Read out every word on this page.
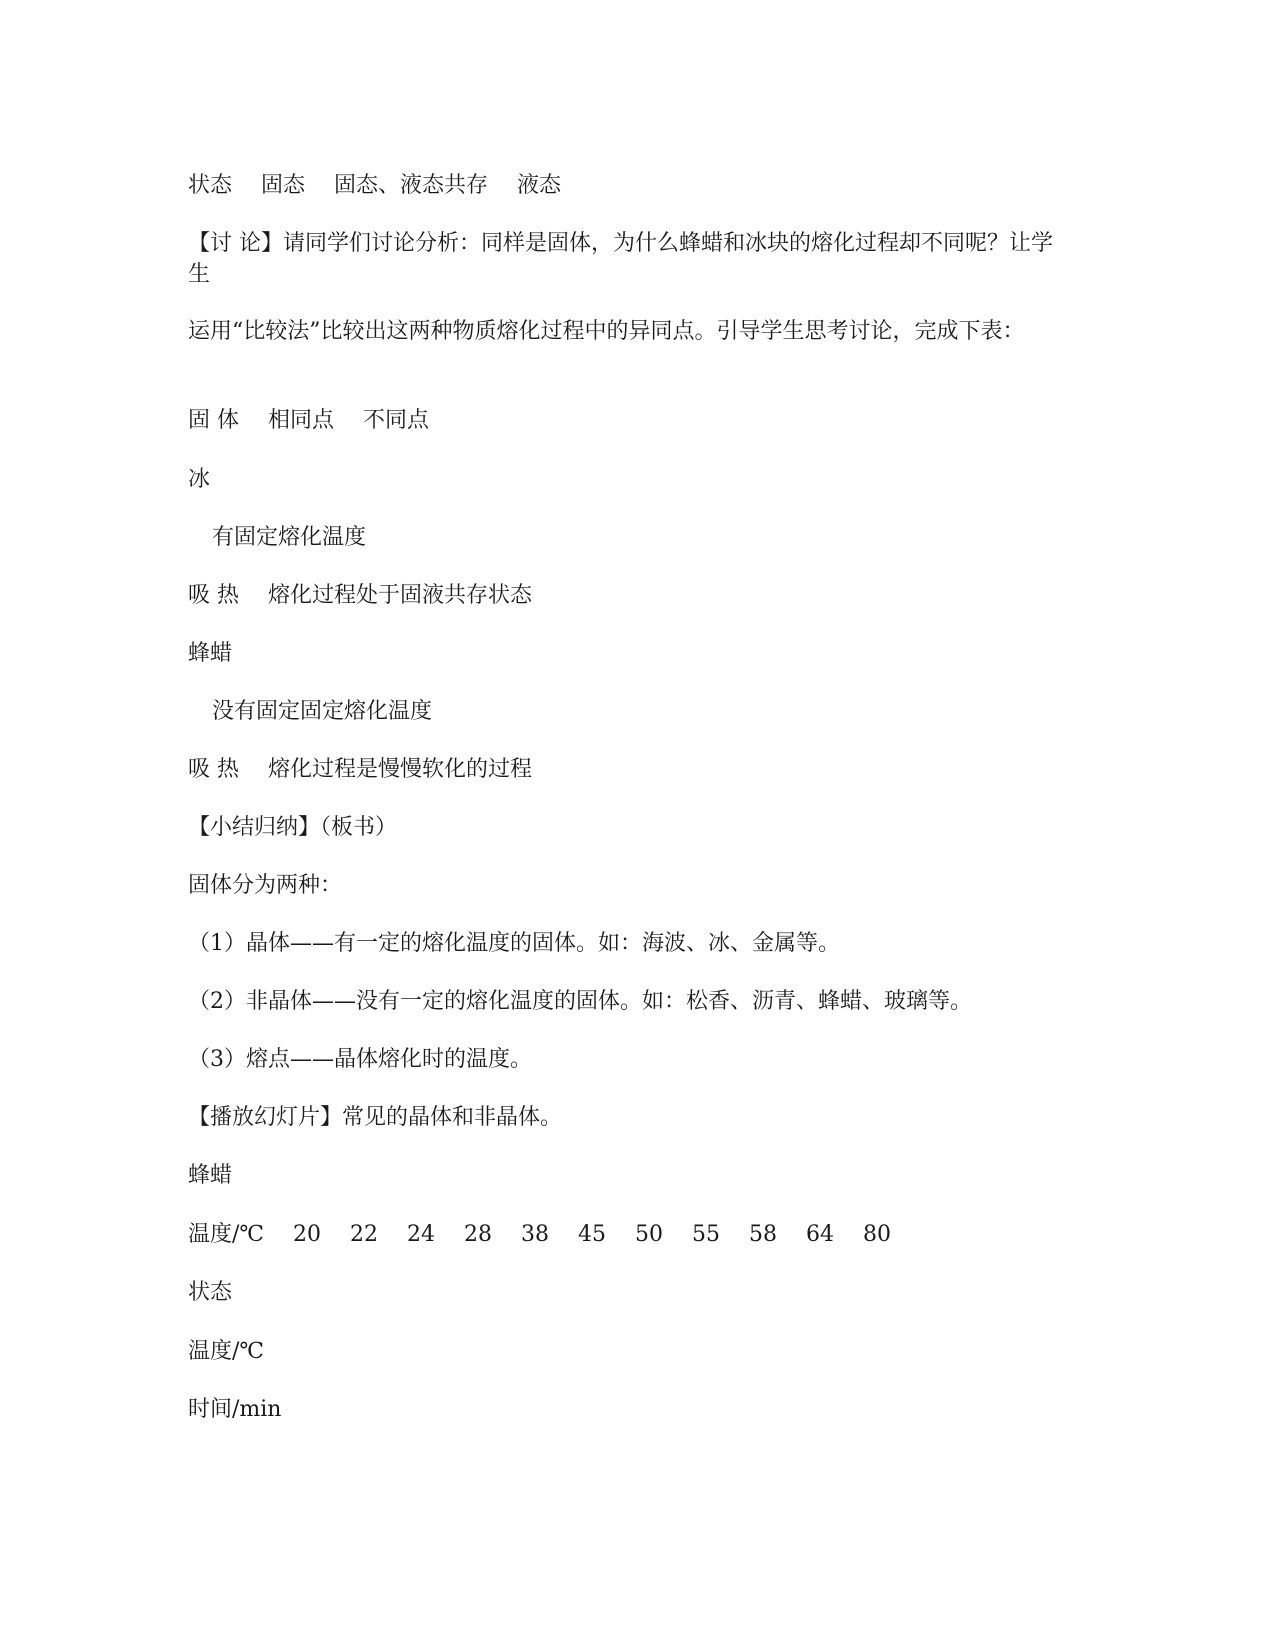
状态 固态 固态、液态共存 液态
【讨 论】请同学们讨论分析：同样是固体，为什么蜂蜡和冰块的熔化过程却不同呢？让学生
运用“比较法”比较出这两种物质熔化过程中的异同点。引导学生思考讨论，完成下表：
固 体 相同点 不同点
冰
有固定熔化温度
吸 热 熔化过程处于固液共存状态
蜂蜡
没有固定固定熔化温度
吸 热 熔化过程是慢慢软化的过程
【小结归纳】（板书）
固体分为两种：
（1）晶体——有一定的熔化温度的固体。如：海波、冰、金属等。
（2）非晶体——没有一定的熔化温度的固体。如：松香、沥青、蜂蜡、玻璃等。
（3）熔点——晶体熔化时的温度。
【播放幻灯片】常见的晶体和非晶体。
蜂蜡
温度/℃ 20 22 24 28 38 45 50 55 58 64 80
状态
温度/℃
时间/min
